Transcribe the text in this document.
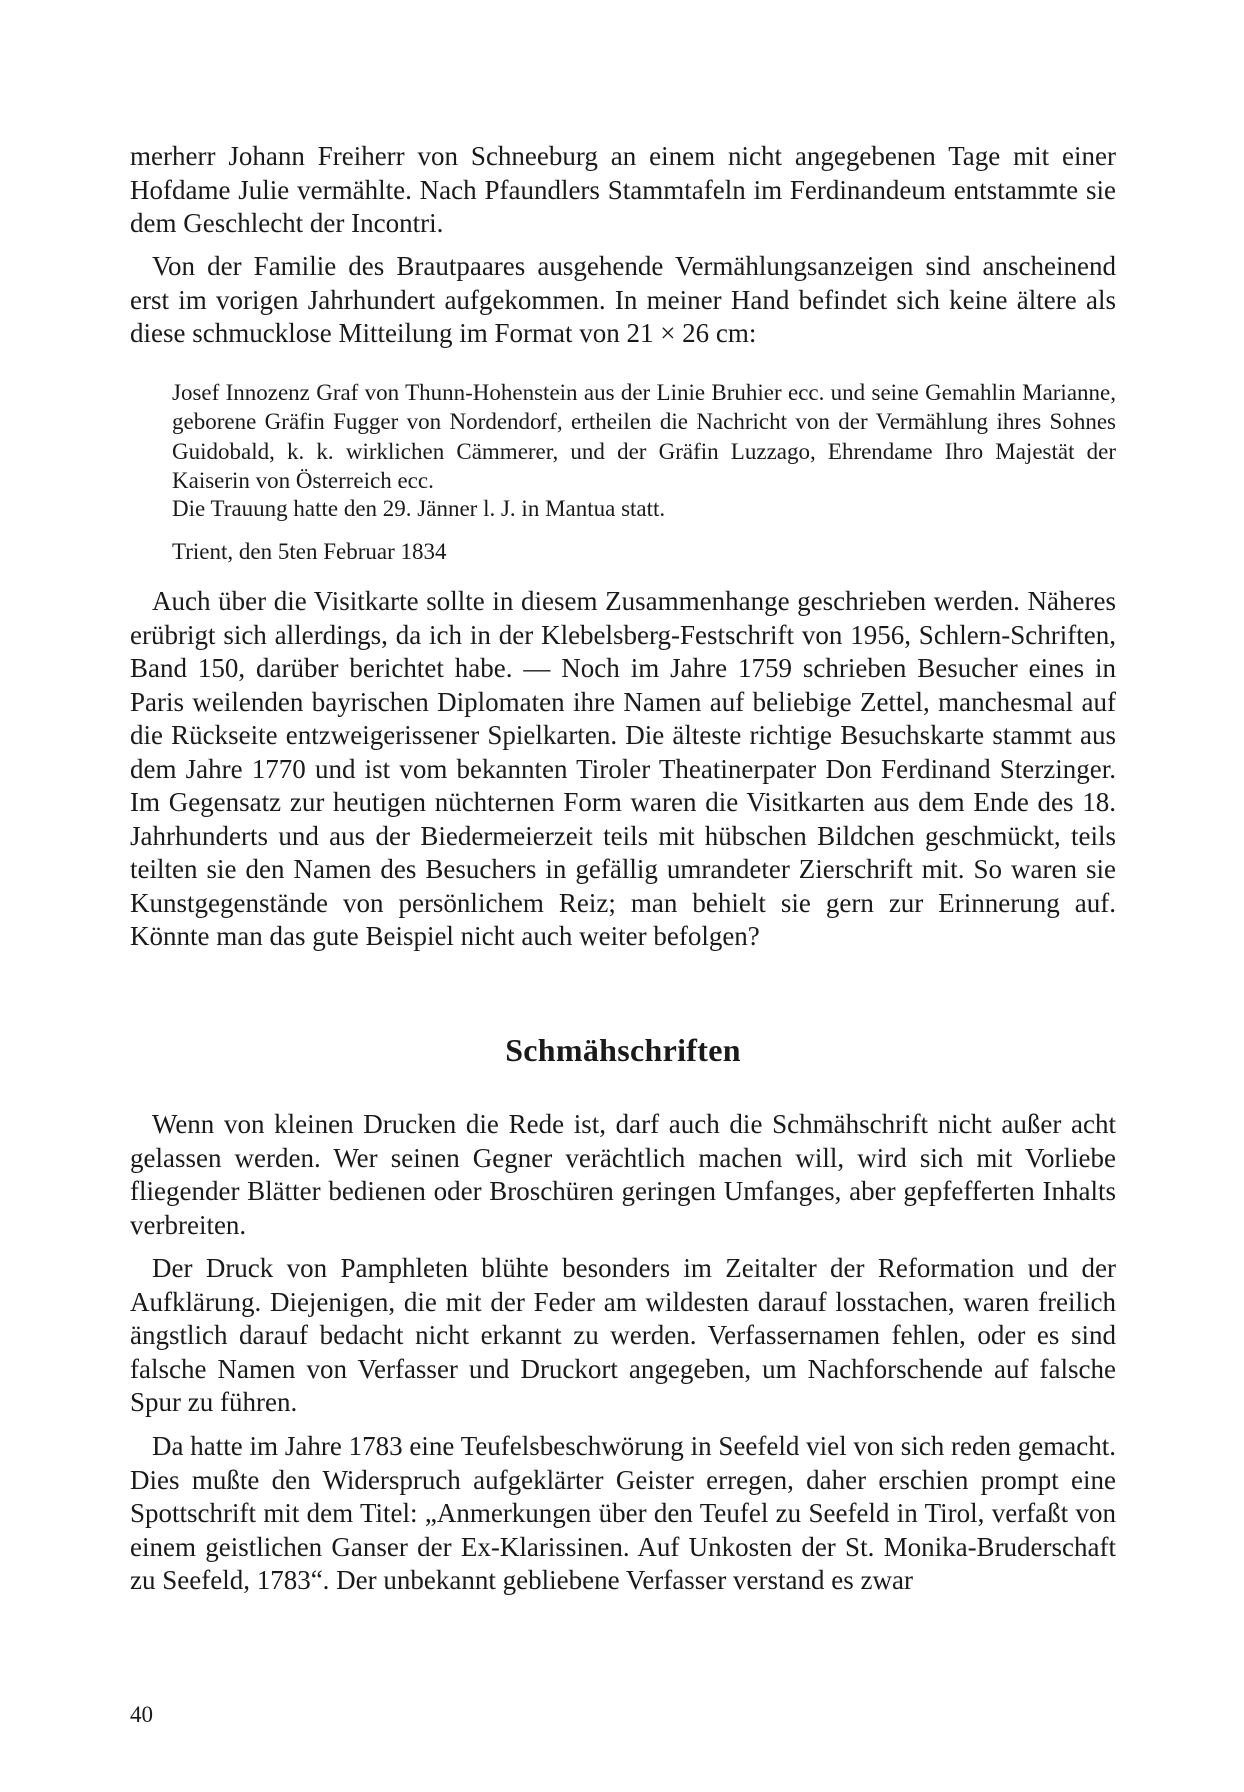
merherr Johann Freiherr von Schneeburg an einem nicht angegebenen Tage mit einer Hofdame Julie vermählte. Nach Pfaundlers Stammtafeln im Ferdinandeum entstammte sie dem Geschlecht der Incontri.

Von der Familie des Brautpaares ausgehende Vermählungsanzeigen sind anscheinend erst im vorigen Jahrhundert aufgekommen. In meiner Hand befindet sich keine ältere als diese schmucklose Mitteilung im Format von 21 × 26 cm:

Josef Innozenz Graf von Thunn-Hohenstein aus der Linie Bruhier ecc. und seine Gemahlin Marianne, geborene Gräfin Fugger von Nordendorf, ertheilen die Nachricht von der Vermählung ihres Sohnes Guidobald, k. k. wirklichen Cämmerer, und der Gräfin Luzzago, Ehrendame Ihro Majestät der Kaiserin von Österreich ecc.

Die Trauung hatte den 29. Jänner l. J. in Mantua statt.

Trient, den 5ten Februar 1834

Auch über die Visitkarte sollte in diesem Zusammenhange geschrieben werden. Näheres erübrigt sich allerdings, da ich in der Klebelsberg-Festschrift von 1956, Schlern-Schriften, Band 150, darüber berichtet habe. — Noch im Jahre 1759 schrieben Besucher eines in Paris weilenden bayrischen Diplomaten ihre Namen auf beliebige Zettel, manchesmal auf die Rückseite entzweigerissener Spielkarten. Die älteste richtige Besuchskarte stammt aus dem Jahre 1770 und ist vom bekannten Tiroler Theatinerpater Don Ferdinand Sterzinger. Im Gegensatz zur heutigen nüchternen Form waren die Visitkarten aus dem Ende des 18. Jahrhunderts und aus der Biedermeierzeit teils mit hübschen Bildchen geschmückt, teils teilten sie den Namen des Besuchers in gefällig umrandeter Zierschrift mit. So waren sie Kunstgegenstände von persönlichem Reiz; man behielt sie gern zur Erinnerung auf. Könnte man das gute Beispiel nicht auch weiter befolgen?

Schmähschriften

Wenn von kleinen Drucken die Rede ist, darf auch die Schmähschrift nicht außer acht gelassen werden. Wer seinen Gegner verächtlich machen will, wird sich mit Vorliebe fliegender Blätter bedienen oder Broschüren geringen Umfanges, aber gepfefferten Inhalts verbreiten.

Der Druck von Pamphleten blühte besonders im Zeitalter der Reformation und der Aufklärung. Diejenigen, die mit der Feder am wildesten darauf losstachen, waren freilich ängstlich darauf bedacht nicht erkannt zu werden. Verfassernamen fehlen, oder es sind falsche Namen von Verfasser und Druckort angegeben, um Nachforschende auf falsche Spur zu führen.

Da hatte im Jahre 1783 eine Teufelsbeschwörung in Seefeld viel von sich reden gemacht. Dies mußte den Widerspruch aufgeklärter Geister erregen, daher erschien prompt eine Spottschrift mit dem Titel: „Anmerkungen über den Teufel zu Seefeld in Tirol, verfaßt von einem geistlichen Ganser der Ex-Klarissinen. Auf Unkosten der St. Monika-Bruderschaft zu Seefeld, 1783“. Der unbekannt gebliebene Verfasser verstand es zwar

40
